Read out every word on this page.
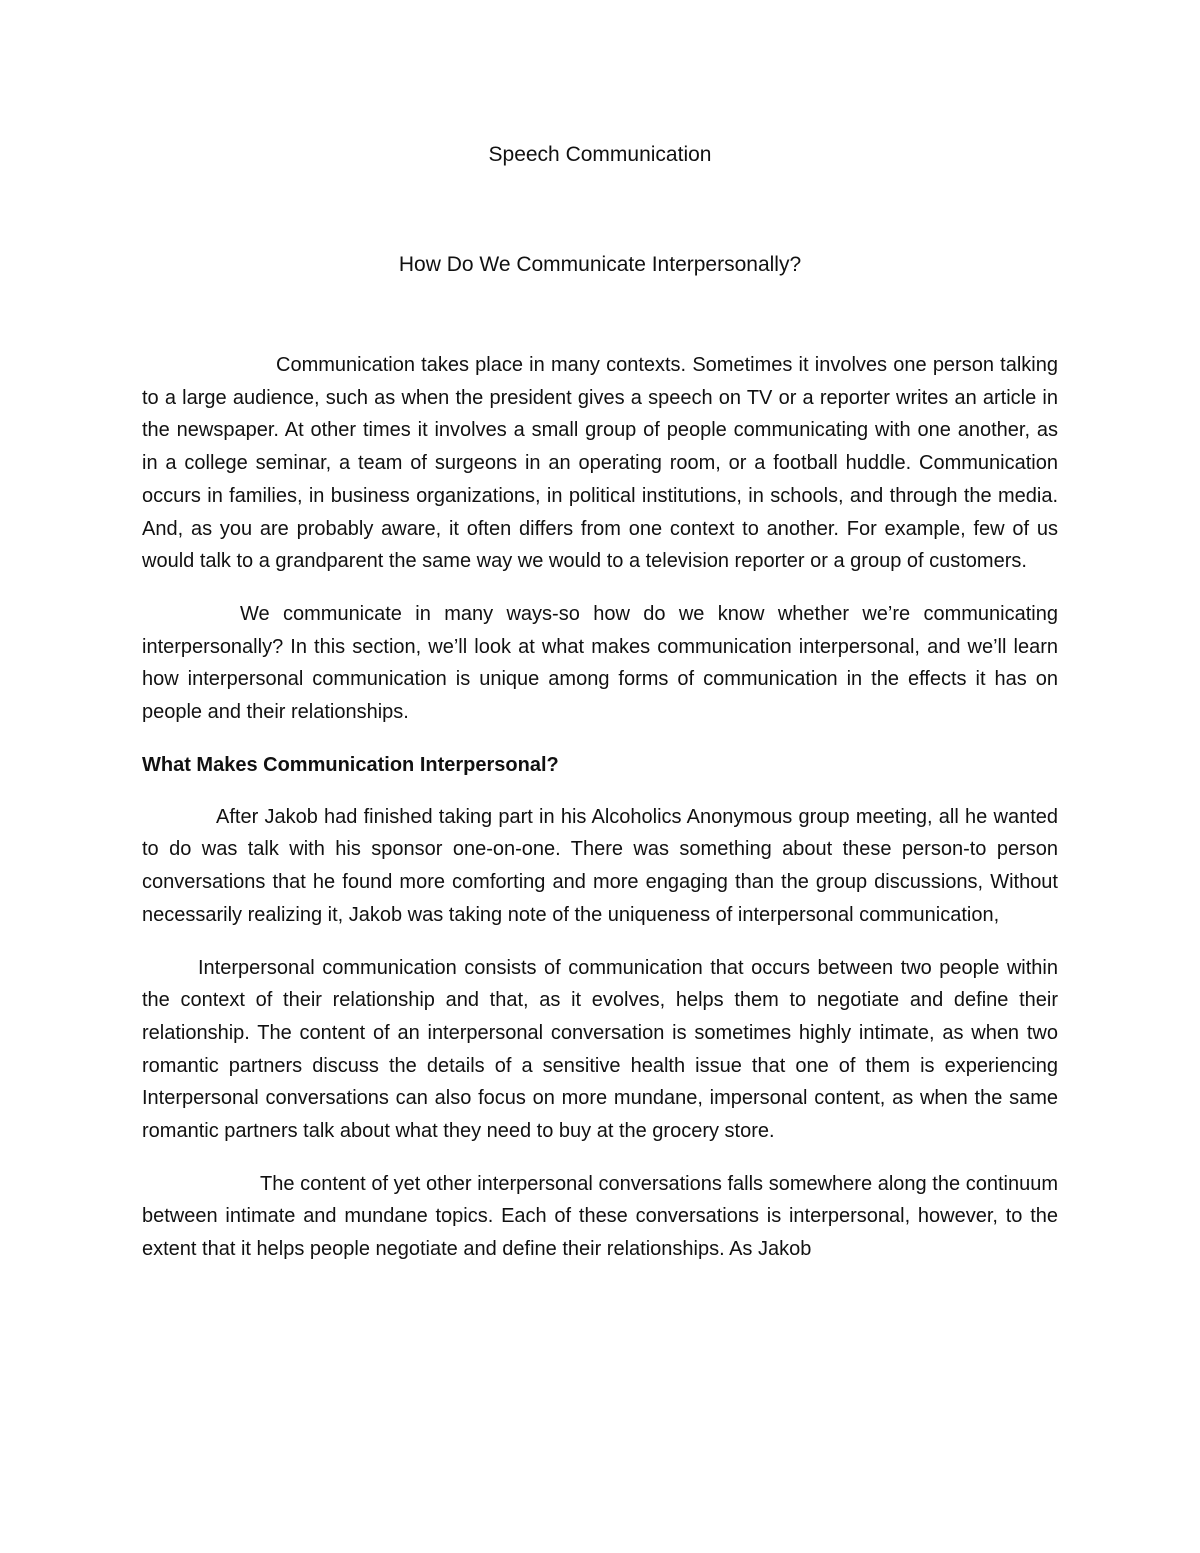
Speech Communication
How Do We Communicate Interpersonally?

Communication takes place in many contexts. Sometimes it involves one person talking to a large audience, such as when the president gives a speech on TV or a reporter writes an article in the newspaper. At other times it involves a small group of people communicating with one another, as in a college seminar, a team of surgeons in an operating room, or a football huddle. Communication occurs in families, in business organizations, in political institutions, in schools, and through the media. And, as you are probably aware, it often differs from one context to another. For example, few of us would talk to a grandparent the same way we would to a television reporter or a group of customers.

We communicate in many ways-so how do we know whether we’re communicating interpersonally? In this section, we’ll look at what makes communication interpersonal, and we’ll learn how interpersonal communication is unique among forms of communication in the effects it has on people and their relationships.

What Makes Communication Interpersonal?

After Jakob had finished taking part in his Alcoholics Anonymous group meeting, all he wanted to do was talk with his sponsor one-on-one. There was something about these person-to person conversations that he found more comforting and more engaging than the group discussions, Without necessarily realizing it, Jakob was taking note of the uniqueness of interpersonal communication,

Interpersonal communication consists of communication that occurs between two people within the context of their relationship and that, as it evolves, helps them to negotiate and define their relationship. The content of an interpersonal conversation is sometimes highly intimate, as when two romantic partners discuss the details of a sensitive health issue that one of them is experiencing Interpersonal conversations can also focus on more mundane, impersonal content, as when the same romantic partners talk about what they need to buy at the grocery store.

The content of yet other interpersonal conversations falls somewhere along the continuum between intimate and mundane topics. Each of these conversations is interpersonal, however, to the extent that it helps people negotiate and define their relationships. As Jakob
